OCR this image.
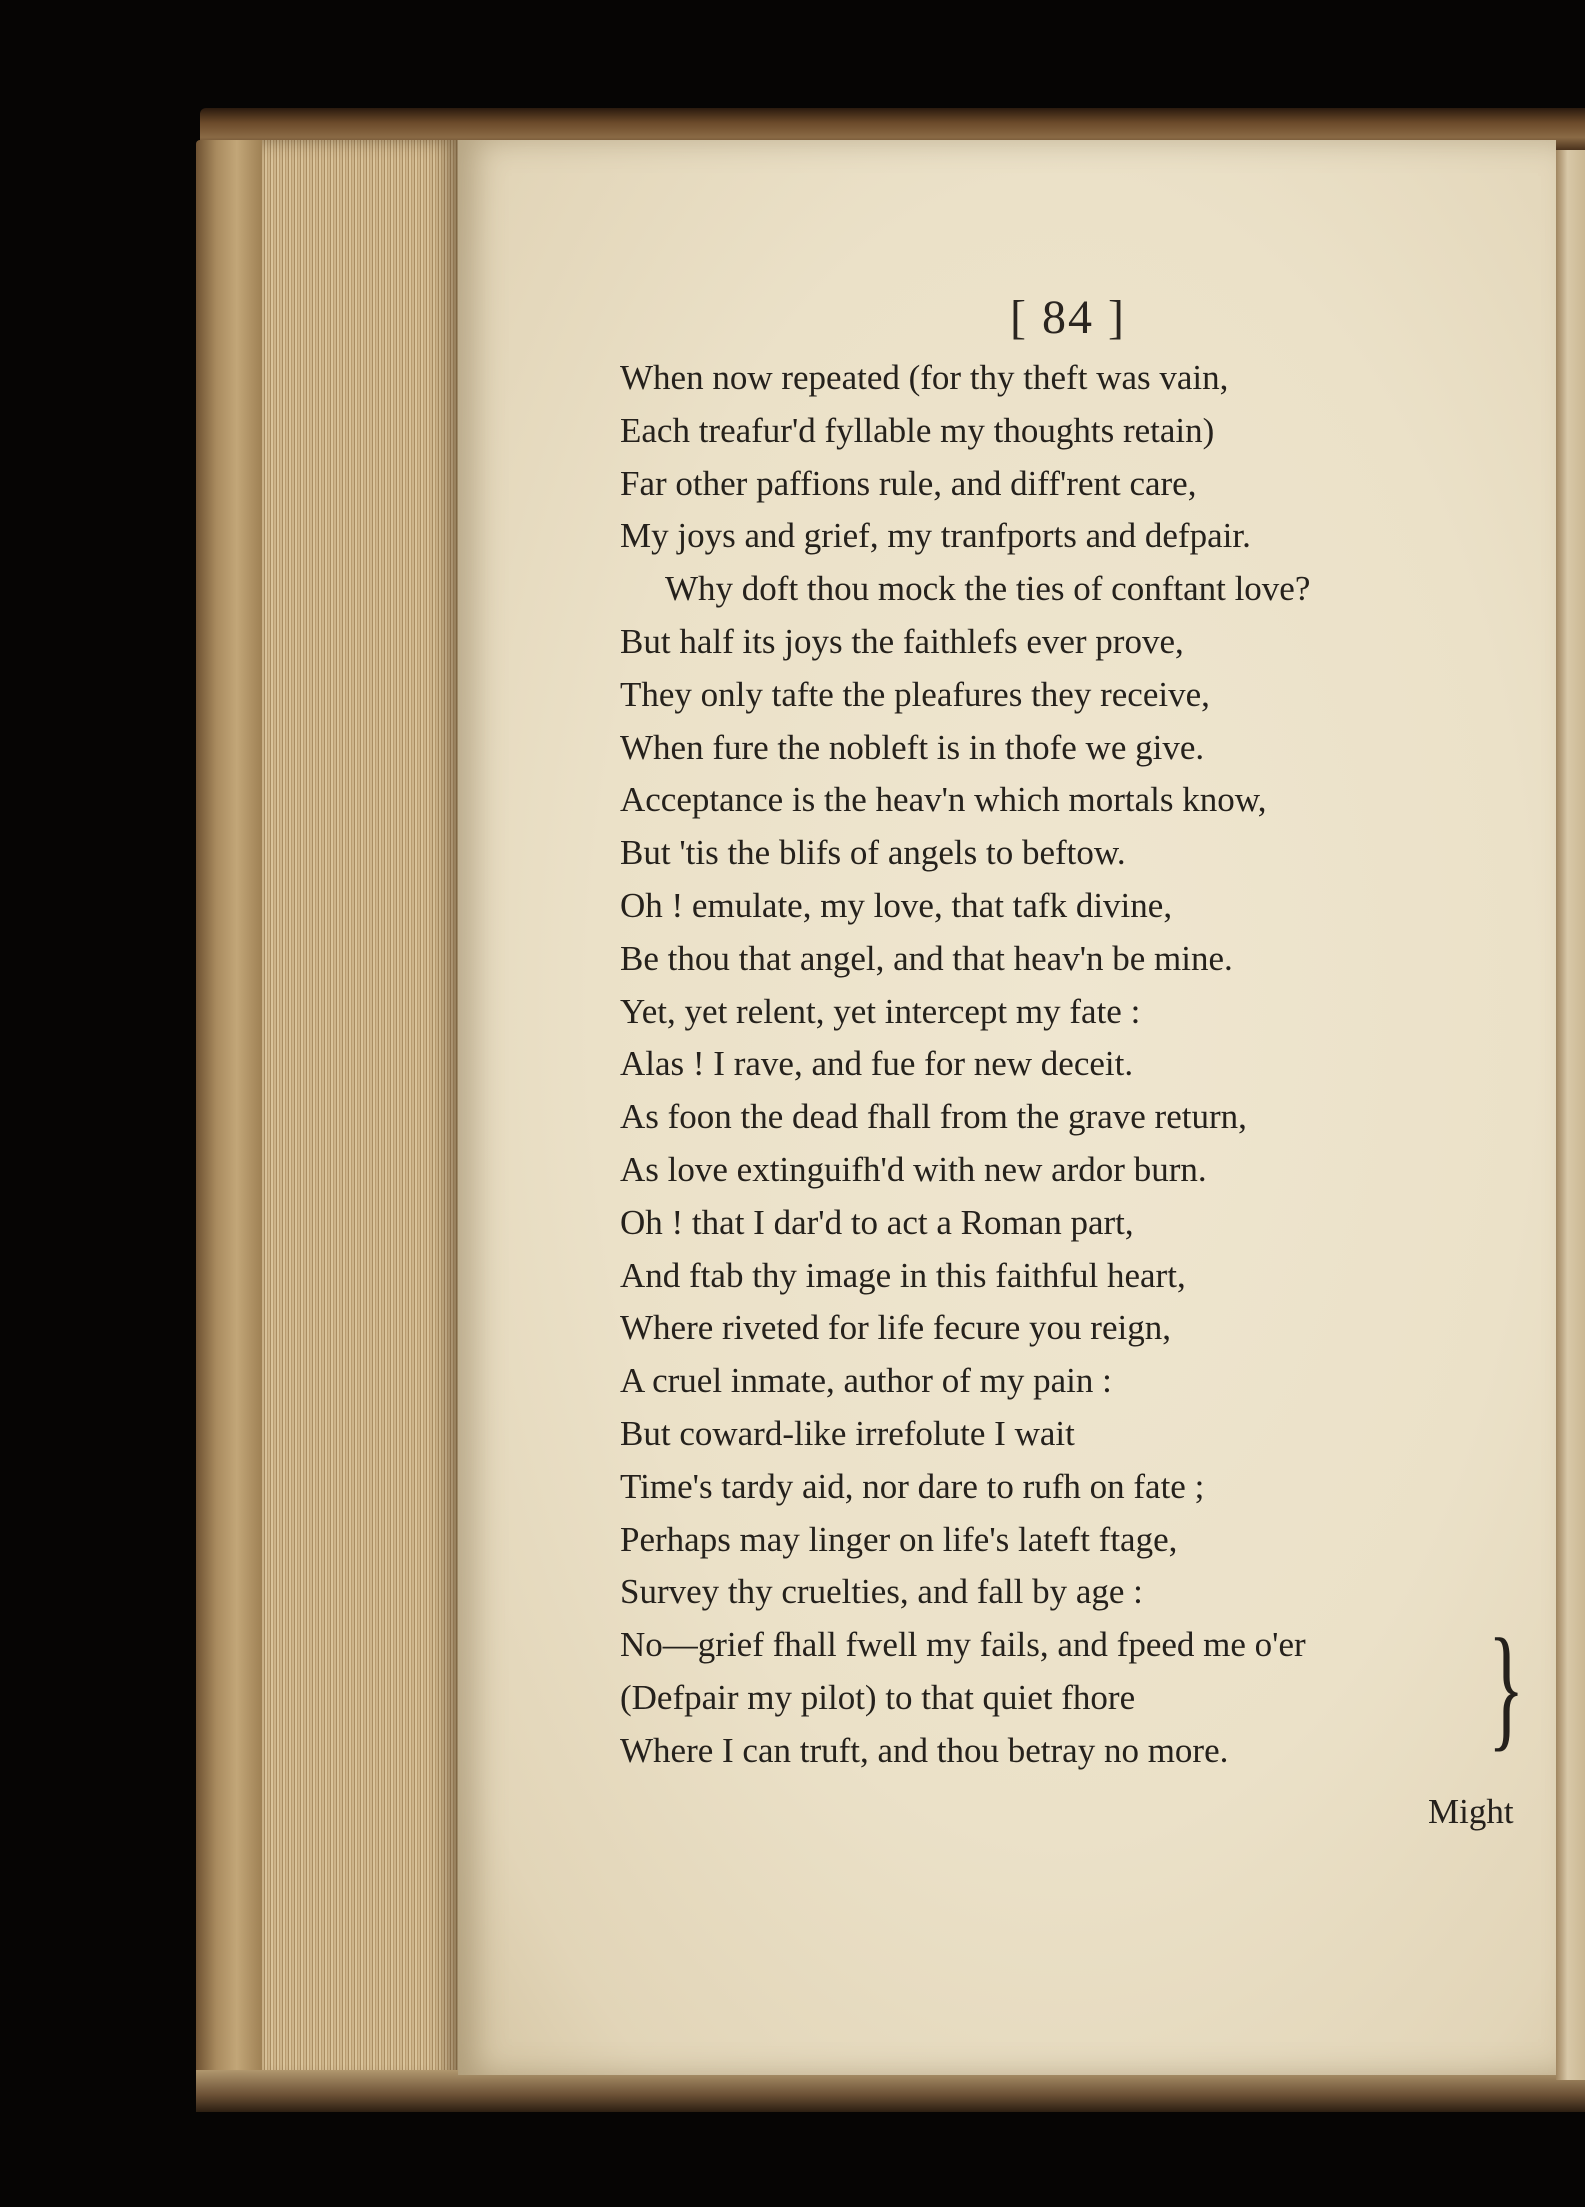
[ 84 ]
When now repeated (for thy theft was vain,
Each treafur'd fyllable my thoughts retain)
Far other paffions rule, and diff'rent care,
My joys and grief, my tranfports and defpair.
Why doft thou mock the ties of conftant love?
But half its joys the faithlefs ever prove,
They only tafte the pleafures they receive,
When fure the nobleft is in thofe we give.
Acceptance is the heav'n which mortals know,
But 'tis the blifs of angels to beftow.
Oh ! emulate, my love, that tafk divine,
Be thou that angel, and that heav'n be mine.
Yet, yet relent, yet intercept my fate :
Alas ! I rave, and fue for new deceit.
As foon the dead fhall from the grave return,
As love extinguifh'd with new ardor burn.
Oh ! that I dar'd to act a Roman part,
And ftab thy image in this faithful heart,
Where riveted for life fecure you reign,
A cruel inmate, author of my pain :
But coward-like irrefolute I wait
Time's tardy aid, nor dare to rufh on fate ;
Perhaps may linger on life's lateft ftage,
Survey thy cruelties, and fall by age :
No—grief fhall fwell my fails, and fpeed me o'er
(Defpair my pilot) to that quiet fhore
Where I can truft, and thou betray no more.	}
Might
